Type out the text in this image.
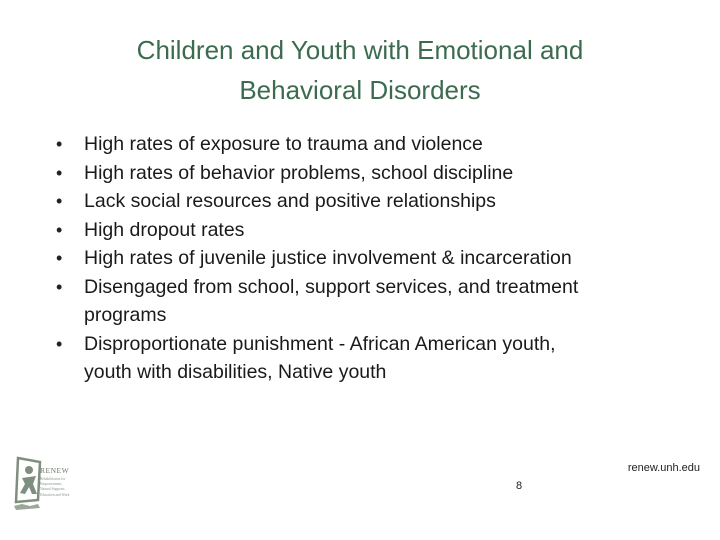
Children and Youth with Emotional and
Behavioral Disorders
• High rates of exposure to trauma and violence
• High rates of behavior problems, school discipline
• Lack social resources and positive relationships
• High dropout rates
• High rates of juvenile justice involvement & incarceration
• Disengaged from school, support services, and treatment
programs
• Disproportionate punishment - African American youth,
youth with disabilities, Native youth
RENEW
Rehabilitation for
Empowerment,
Natural Supports,
Education and Work
renew.unh.edu
8
